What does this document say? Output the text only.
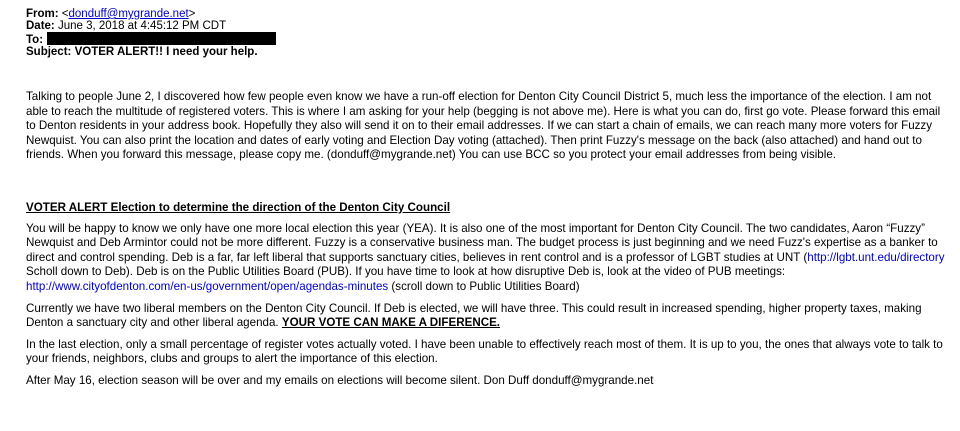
From: <donduff@mygrande.net>
Date: June 3, 2018 at 4:45:12 PM CDT
To:
Subject: VOTER ALERT!! I need your help.

Talking to people June 2, I discovered how few people even know we have a run-off election for Denton City Council District 5, much less the importance of the election. I am not able to reach the multitude of registered voters. This is where I am asking for your help (begging is not above me). Here is what you can do, first go vote. Please forward this email to Denton residents in your address book. Hopefully they also will send it on to their email addresses. If we can start a chain of emails, we can reach many more voters for Fuzzy Newquist. You can also print the location and dates of early voting and Election Day voting (attached). Then print Fuzzy's message on the back (also attached) and hand out to friends. When you forward this message, please copy me. (donduff@mygrande.net) You can use BCC so you protect your email addresses from being visible.

VOTER ALERT Election to determine the direction of the Denton City Council

You will be happy to know we only have one more local election this year (YEA). It is also one of the most important for Denton City Council. The two candidates, Aaron “Fuzzy” Newquist and Deb Armintor could not be more different. Fuzzy is a conservative business man. The budget process is just beginning and we need Fuzz's expertise as a banker to direct and control spending. Deb is a far, far left liberal that supports sanctuary cities, believes in rent control and is a professor of LGBT studies at UNT (http://lgbt.unt.edu/directory Scholl down to Deb). Deb is on the Public Utilities Board (PUB). If you have time to look at how disruptive Deb is, look at the video of PUB meetings: http://www.cityofdenton.com/en-us/government/open/agendas-minutes (scroll down to Public Utilities Board)

Currently we have two liberal members on the Denton City Council. If Deb is elected, we will have three. This could result in increased spending, higher property taxes, making Denton a sanctuary city and other liberal agenda. YOUR VOTE CAN MAKE A DIFERENCE.

In the last election, only a small percentage of register votes actually voted. I have been unable to effectively reach most of them. It is up to you, the ones that always vote to talk to your friends, neighbors, clubs and groups to alert the importance of this election.

After May 16, election season will be over and my emails on elections will become silent. Don Duff donduff@mygrande.net
